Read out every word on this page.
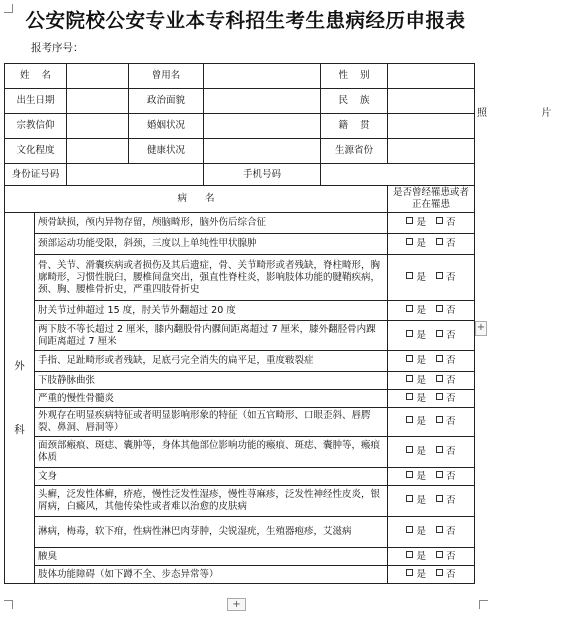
公安院校公安专业本专科招生考生患病经历申报表
报考序号：
姓    名			曾用名		性    别		照  片
出生日期			政治面貌		民    族		
宗教信仰			婚姻状况		籍    贯		
文化程度			健康状况		生源省份		
身份证号码				手机号码			
病      名						是否曾经罹患或者正在罹患	

外
科	颅骨缺损，颅内异物存留，颅脑畸形，脑外伤后综合征					是 否	
	颈部运动功能受限，斜颈，三度以上单纯性甲状腺肿					是 否	
	骨、关节、滑囊疾病或者损伤及其后遗症，骨、关节畸形或者残缺，脊柱畸形，胸廓畸形，习惯性脱臼，腰椎间盘突出，强直性脊柱炎，影响肢体功能的腱鞘疾病，颈、胸、腰椎骨折史，严重四肢骨折史					是 否	
	肘关节过伸超过 15 度，肘关节外翻超过 20 度					是 否	
	两下肢不等长超过 2 厘米，膝内翻股骨内髁间距离超过 7 厘米，膝外翻胫骨内踝间距离超过 7 厘米					是 否	
	手指、足趾畸形或者残缺，足底弓完全消失的扁平足，重度皲裂症					是 否	
	下肢静脉曲张					是 否	
	严重的慢性骨髓炎					是 否	
	外观存在明显疾病特征或者明显影响形象的特征（如五官畸形、口眼歪斜、唇腭裂、鼻洞、唇洞等）					是 否	
	面颈部瘢痕、斑痣、囊肿等，身体其他部位影响功能的瘢痕、斑痣、囊肿等，瘢痕体质					是 否	
	文身					是 否	
	头癣，泛发性体癣，疥疮，慢性泛发性湿疹，慢性荨麻疹，泛发性神经性皮炎，银屑病，白癜风，其他传染性或者难以治愈的皮肤病					是 否	
	淋病，梅毒，软下疳，性病性淋巴肉芽肿，尖锐湿疣，生殖器疱疹，艾滋病					是 否	
	腋臭					是 否	
	肢体功能障碍（如下蹲不全、步态异常等）					是 否	
+
+
